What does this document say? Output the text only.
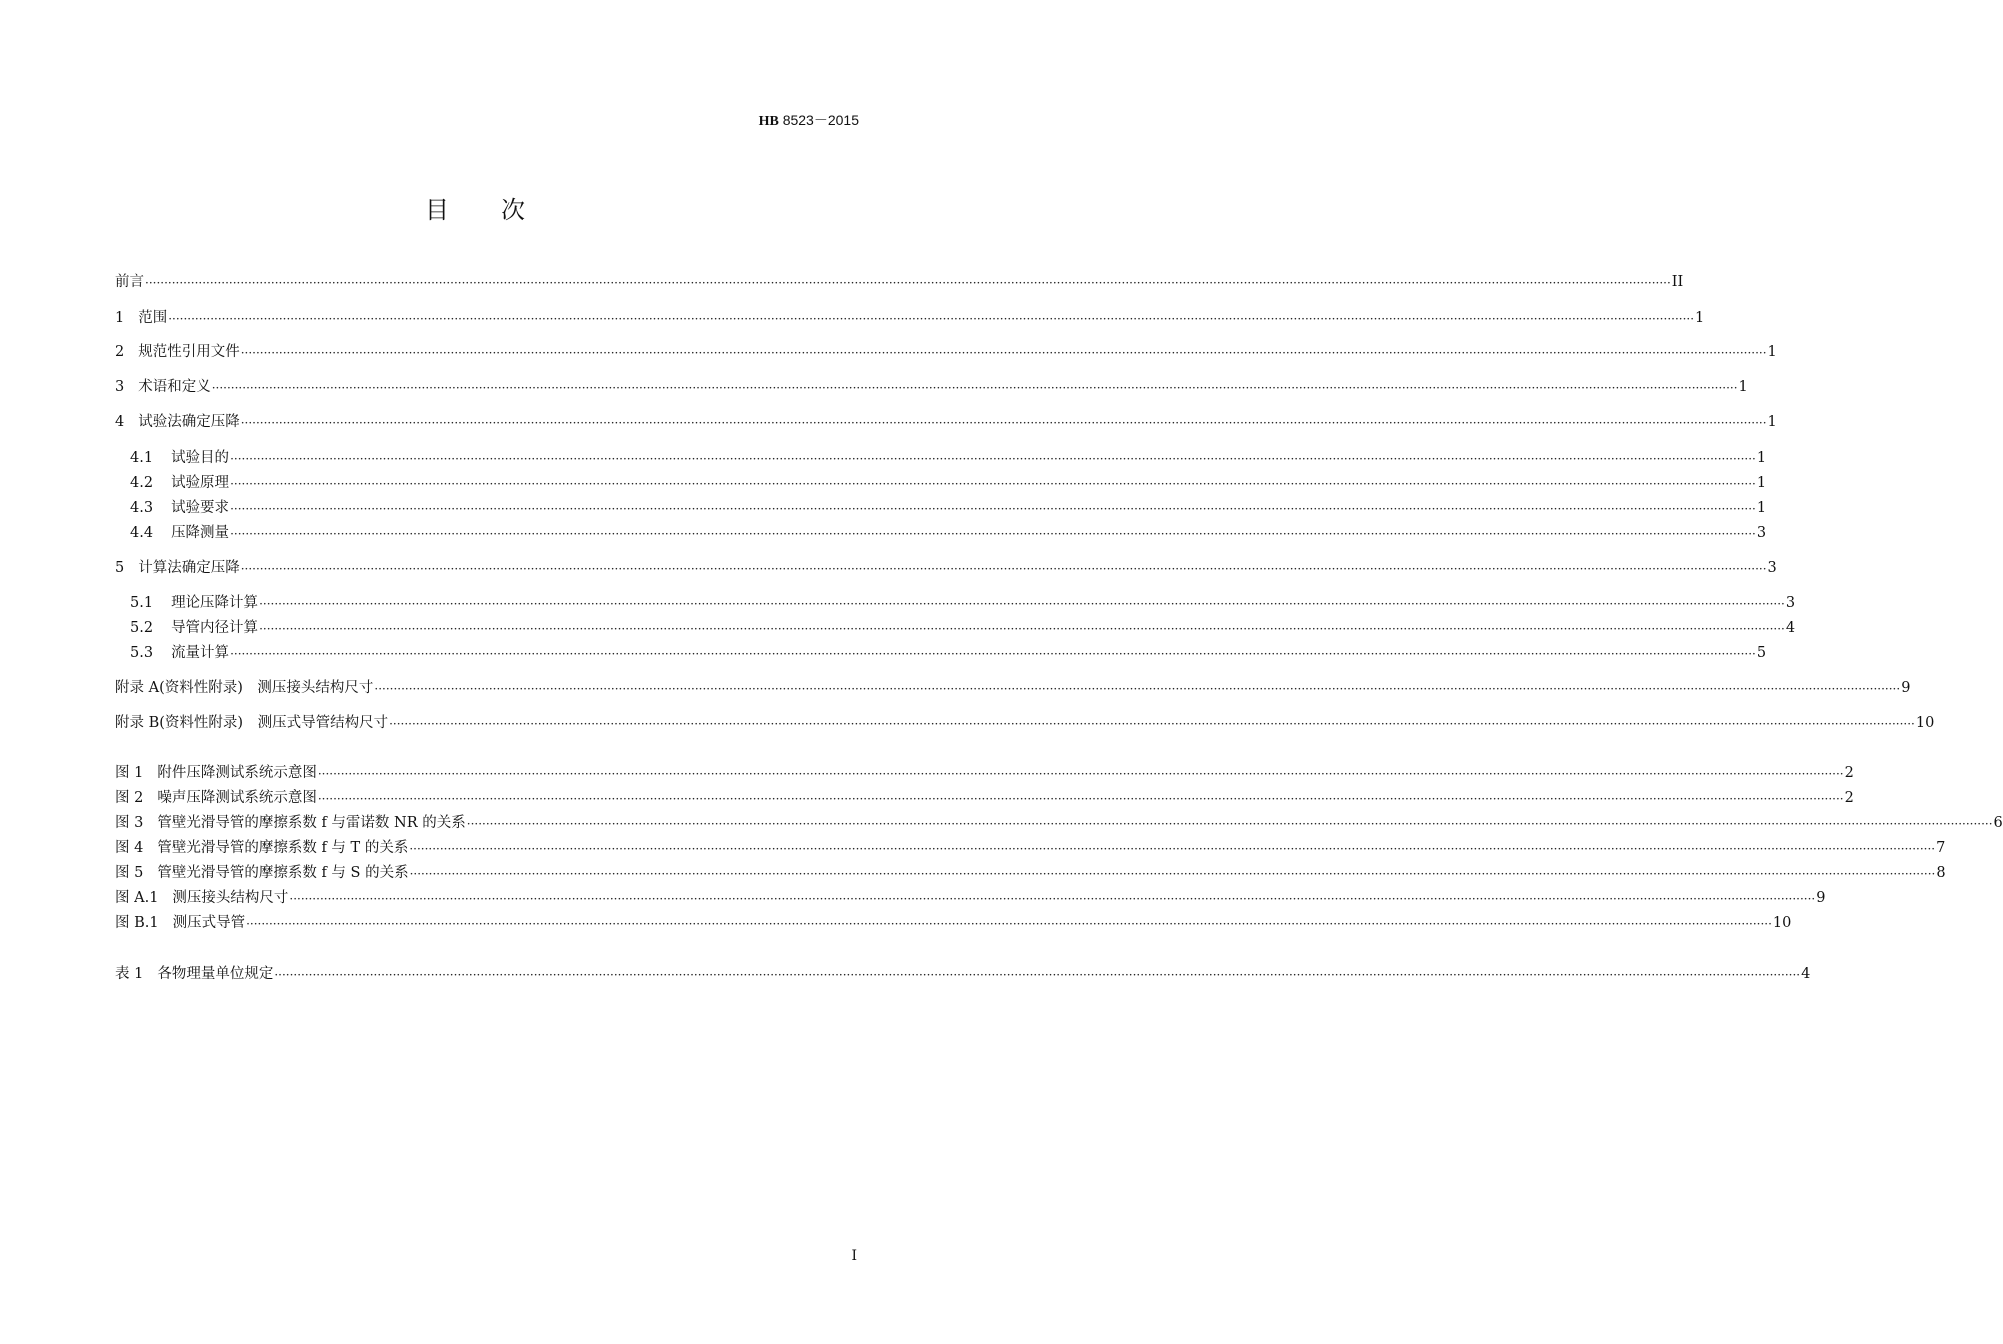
HB 8523－2015
目次
前言 ················································································································································································································································································································································································································ II
1 范围 ················································································································································································································································································································································································································ 1
2 规范性引用文件 ················································································································································································································································································································································································································ 1
3 术语和定义 ················································································································································································································································································································································································································ 1
4 试验法确定压降 ················································································································································································································································································································································································································ 1
4.1 试验目的 ················································································································································································································································································································································································································ 1
4.2 试验原理 ················································································································································································································································································································································································································ 1
4.3 试验要求 ················································································································································································································································································································································································································ 1
4.4 压降测量 ················································································································································································································································································································································································································ 3
5 计算法确定压降 ················································································································································································································································································································································································································ 3
5.1 理论压降计算 ················································································································································································································································································································································································································ 3
5.2 导管内径计算 ················································································································································································································································································································································································································ 4
5.3 流量计算 ················································································································································································································································································································································································································ 5
附录 A(资料性附录)　测压接头结构尺寸 ················································································································································································································································································································································································································ 9
附录 B(资料性附录)　测压式导管结构尺寸 ················································································································································································································································································································································································································ 10
图 1 附件压降测试系统示意图 ················································································································································································································································································································································································································ 2
图 2 噪声压降测试系统示意图 ················································································································································································································································································································································································································ 2
图 3 管壁光滑导管的摩擦系数 f 与雷诺数 NR 的关系 ················································································································································································································································································································································································································ 6
图 4 管壁光滑导管的摩擦系数 f 与 T 的关系 ················································································································································································································································································································································································································ 7
图 5 管壁光滑导管的摩擦系数 f 与 S 的关系 ················································································································································································································································································································································································································ 8
图 A.1 测压接头结构尺寸 ················································································································································································································································································································································································································ 9
图 B.1 测压式导管 ················································································································································································································································································································································································································ 10
表 1 各物理量单位规定 ················································································································································································································································································································································································································ 4
I
